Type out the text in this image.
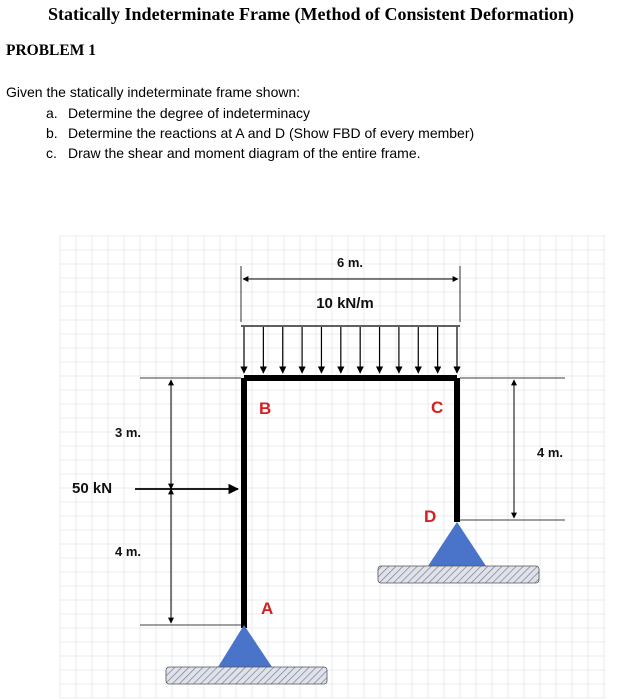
Statically Indeterminate Frame (Method of Consistent Deformation)
PROBLEM 1
Given the statically indeterminate frame shown:
a. Determine the degree of indeterminacy
b. Determine the reactions at A and D (Show FBD of every member)
c. Draw the shear and moment diagram of the entire frame.
6 m.
10 kN/m
3 m.
4 m.
4 m.
50 kN
B	C
D
A
